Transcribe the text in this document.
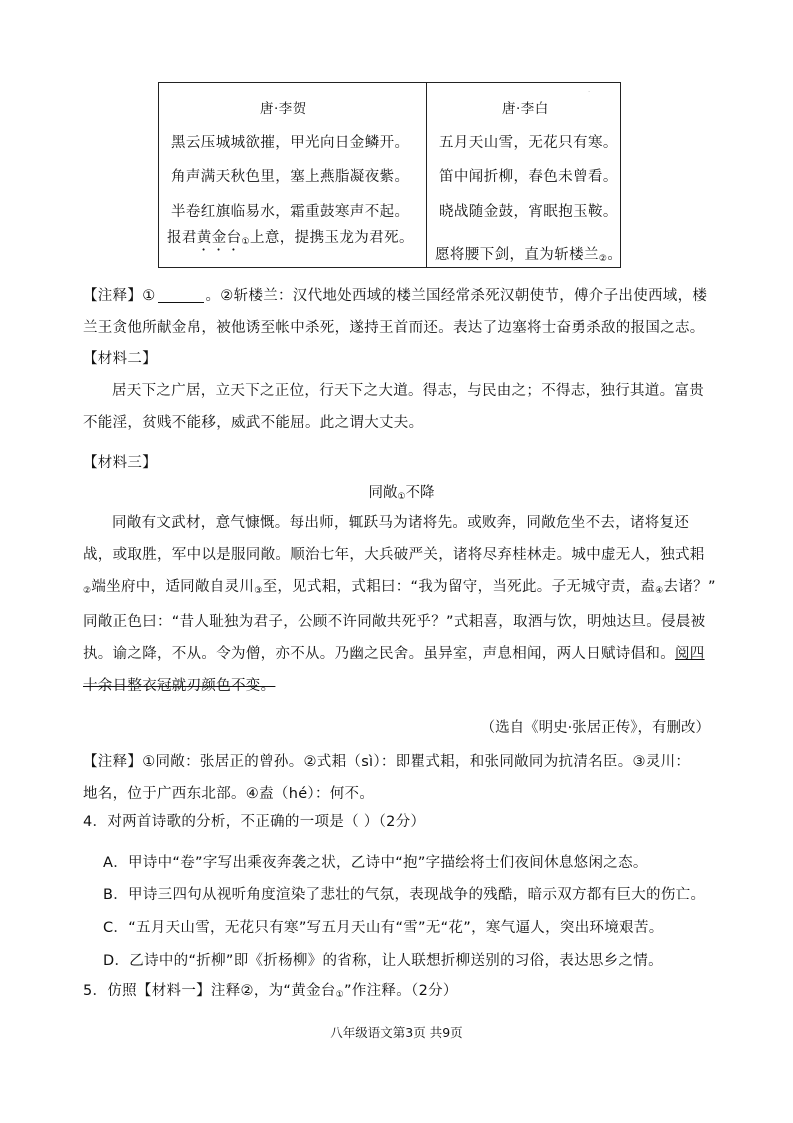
唐·李贺
黑云压城城欲摧，甲光向日金鳞开。
角声满天秋色里，塞上燕脂凝夜紫。
半卷红旗临易水，霜重鼓寒声不起。
报君黄金台$_①$上意，提携玉龙为君死。
·
唐·李白
五月天山雪，无花只有寒。
笛中闻折柳，春色未曾看。
晓战随金鼓，宵眠抱玉鞍。
愿将腰下剑，直为斩楼兰$_②$。
【注释】①	。②斩楼兰：汉代地处西域的楼兰国经常杀死汉朝使节，傅介子出使西域，楼兰王贪他所献金帛，被他诱至帐中杀死，遂持王首而还。表达了边塞将士奋勇杀敌的报国之志。
【材料二】
居天下之广居，立天下之正位，行天下之大道。得志，与民由之；不得志，独行其道。富贵不能淫，贫贱不能移，威武不能屈。此之谓大丈夫。
【材料三】
同敞$_①$不降
同敞有文武材，意气慷慨。每出师，辄跃马为诸将先。或败奔，同敞危坐不去，诸将复还战，或取胜，军中以是服同敞。顺治七年，大兵破严关，诸将尽弃桂林走。城中虚无人，独式耜
$_②$端坐府中，适同敞自灵川$_③$至，见式耜，式耜曰：“我为留守，当死此。子无城守责，盍$_④$去诸？”
同敞正色曰：“昔人耻独为君子，公顾不许同敞共死乎？”式耜喜，取酒与饮，明烛达旦。侵晨被执。谕之降，不从。令为僧，亦不从。乃幽之民舍。虽异室，声息相闻，两人日赋诗倡和。阅四
十余日整衣冠就刃颜色不变。
（选自《明史·张居正传》，有删改）
【注释】①同敞：张居正的曾孙。②式耜（sì）：即瞿式耜，和张同敞同为抗清名臣。③灵川：
地名，位于广西东北部。④盍（hé）：何不。
4．对两首诗歌的分析，不正确的一项是（ ）（2分）
A．甲诗中“卷”字写出乘夜奔袭之状，乙诗中“抱”字描绘将士们夜间休息悠闲之态。
B．甲诗三四句从视听角度渲染了悲壮的气氛，表现战争的残酷，暗示双方都有巨大的伤亡。
C．“五月天山雪，无花只有寒”写五月天山有“雪”无“花”，寒气逼人，突出环境艰苦。
D．乙诗中的“折柳”即《折杨柳》的省称，让人联想折柳送别的习俗，表达思乡之情。
5．仿照【材料一】注释②，为“黄金台$_①$”作注释。（2分）
八年级语文第3页 共9页
